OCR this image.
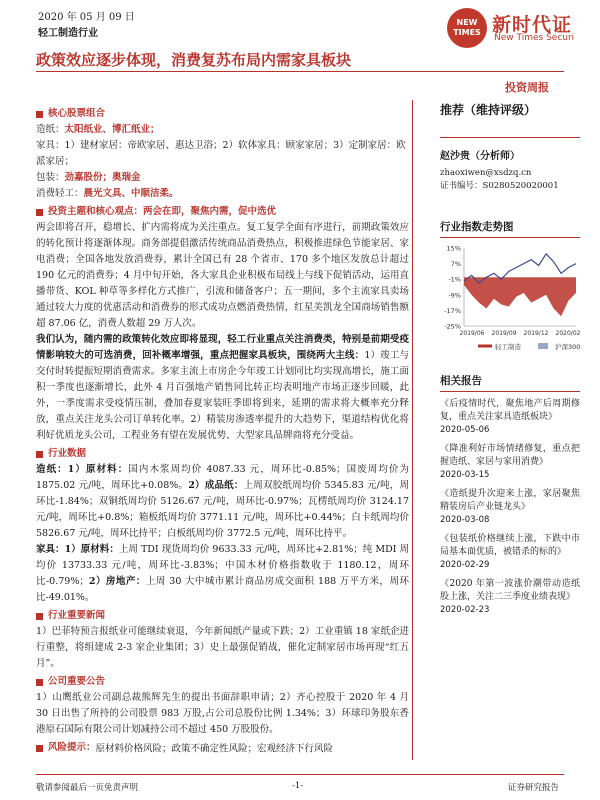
2020 年 05 月 09 日
轻工制造行业
NEW
TIMES 新时代证
New Times Securi
政策效应逐步体现，消费复苏布局内需家具板块
投资周报
核心股票组合

造纸：太阳纸业、博汇纸业；

家具：1）建材家居：帝欧家居、惠达卫浴；2）软体家具：顾家家居；3）定制家居：欧派家居；

包装：劲嘉股份；奥瑞金

消费轻工：晨光文具、中顺洁柔。

投资主题和核心观点：两会在即，聚焦内需，促中选优

两会即将召开，稳增长、扩内需将成为关注重点。复工复学全面有序进行，前期政策效应的转化预计将逐渐体现。商务部提倡激活传统商品消费热点，积极推进绿色节能家居、家电消费；全国各地发放消费券，累计全国已有 28 个省市、170 多个地区发放总计超过 190 亿元的消费券；4 月中旬开始，各大家具企业积极布局线上与线下促销活动，运用直播带货、KOL 种草等多样化方式推广，引流和储备客户；五一期间，多个主流家具卖场通过较大力度的优惠活动和消费券的形式成功点燃消费热情，红星美凯龙全国商场销售额超 87.06 亿，消费人数超 29 万人次。

我们认为，随内需的政策转化效应即将显现，轻工行业重点关注消费类，特别是前期受疫情影响较大的可选消费，回补概率增强，重点把握家具板块，围绕两大主线：1）竣工与交付时转提振短期消费需求。多家主流上市房企今年竣工计划同比均实现高增长，施工面积一季度也逐渐增长，此外 4 月百强地产销售同比转正均表明地产市场正逐步回暖，此外，一季度需求受疫情压制，叠加春夏家装旺季即将到来，延期的需求将大概率充分释放，重点关注龙头公司订单转化率。2）精装房渗透率提升的大趋势下，渠道结构优化将利好优质龙头公司，工程业务有望在发展优势、大型家具品牌商将充分受益。

行业数据

造纸：1）原材料：国内木浆周均价 4087.33 元，周环比-0.85%；国废周均价为 1875.02 元/吨，周环比+0.08%。2）成品纸：上周双胶纸周均价 5345.83 元/吨，周环比-1.84%；双铜纸周均价 5126.67 元/吨，周环比-0.97%；瓦楞纸周均价 3124.17 元/吨，周环比+0.8%；箱板纸周均价 3771.11 元/吨，周环比+0.44%；白卡纸周均价 5826.67 元/吨，周环比持平；白板纸周均价 3772.5 元/吨，周环比持平。

家具：1）原材料：上周 TDI 现货周均价 9633.33 元/吨，周环比+2.81%；纯 MDI 周均价 13733.33 元/吨，周环比-3.83%；中国木材价格指数收于 1180.12，周环比-0.79%；2）房地产：上周 30 大中城市累计商品房成交面积 188 万平方米，周环比-49.01%。

行业重要新闻

1）巴菲特预言报纸业可能继续衰退，今年新闻纸产量或下跌；2）工业重镇 18 家纸企进行重整，将组建成 2-3 家企业集团；3）史上最强促销战，催化定制家居市场再现“红五月”。

公司重要公告

1）山鹰纸业公司副总裁熊辉先生的提出书面辞职申请；2）齐心控股于 2020 年 4 月 30 日出售了所持的公司股票 983 万股,占公司总股份比例 1.34%；3）环球印务股东香港原石国际有限公司计划减持公司不超过 450 万股股份。

风险提示： 原材料价格风险；政策不确定性风险；宏观经济下行风险

推荐（维持评级）
赵沙贵（分析师）
zhaoxiwen@xsdzq.cn
证书编号：S0280520020001
行业指数走势图
15%
7%
-1%
-9%
-17%
-25%
2019/06 2019/09 2019/12 2020/02
轻工制造	沪深300
相关报告
《后疫情时代，聚焦地产后周期修复，重点关注家具造纸板块》
2020-05-06
《降准利好市场情绪修复，重点把握造纸、家居与家用消费》
2020-03-15
《造纸提升次迎来上涨，家居聚焦精装房后产业链龙头》
2020-03-08
《包装纸价格继续上涨，下跌中市局基本面优质，被错杀的标的》
2020-02-29
《2020 年第一波涨价潮带动造纸股上涨，关注二三季度业绩表现》
2020-02-23
敬请参阅最后一页免责声明	-1-	证券研究报告
